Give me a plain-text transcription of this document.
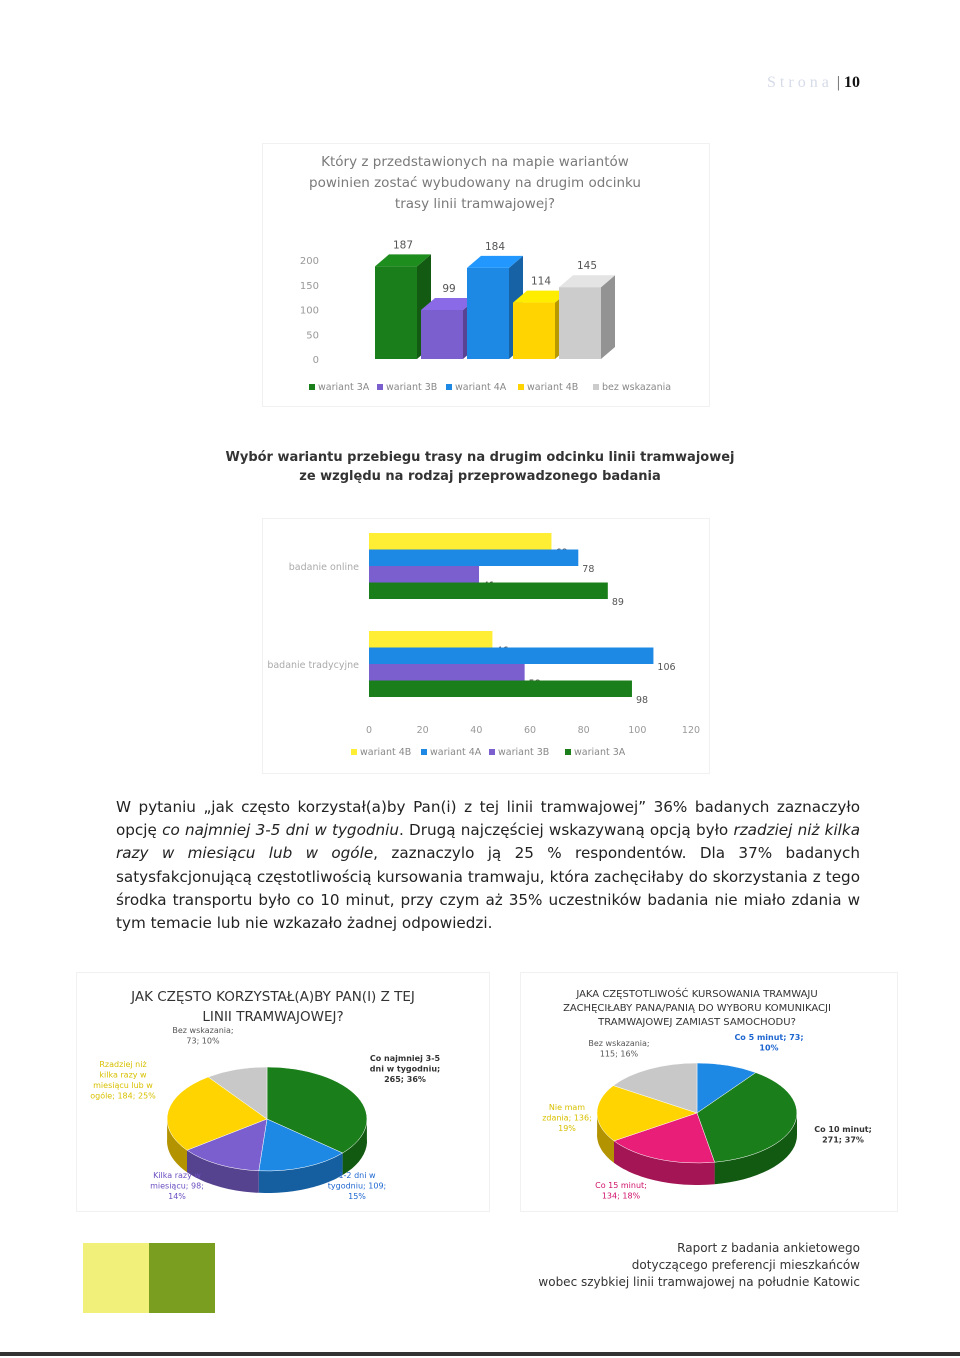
Strona | 10
Który z przedstawionych na mapie wariantów
powinien zostać wybudowany na drugim odcinku
trasy linii tramwajowej?
0
50
100
150
200
187
99
184
114
145
wariant 3A wariant 3B wariant 4A wariant 4B bez wskazania
Wybór wariantu przebiegu trasy na drugim odcinku linii tramwajowej
ze względu na rodzaj przeprowadzonego badania
badanie online
badanie tradycyjne
78
89
106
98
0	20	40	60	80	100	120
wariant 4B wariant 4A wariant 3B	wariant 3A
W pytaniu „jak często korzystał(a)by Pan(i) z tej linii tramwajowej” 36% badanych zaznaczyło opcję co najmniej 3-5 dni w tygodniu. Drugą najczęściej wskazywaną opcją było rzadziej niż kilka razy w miesiącu lub w ogóle, zaznaczylo ją 25 % respondentów. Dla 37% badanych satysfakcjonującą częstotliwością kursowania tramwaju, która zachęciłaby do skorzystania z tego środka transportu było co 10 minut, przy czym aż 35% uczestników badania nie miało zdania w tym temacie lub nie wzkazało żadnej odpowiedzi.
JAK CZĘSTO KORZYSTAŁ(A)BY PAN(I) Z TEJ
LINII TRAMWAJOWEJ?
Co najmniej 3-5
dni w tygodniu;
265; 36%
1-2 dni w
tygodniu; 109;
15%
Kilka razy w
miesiącu; 98;
14%
Rzadziej niż
kilka razy w
miesiącu lub w
ogóle; 184; 25%
Bez wskazania;
73; 10%
JAKA CZĘSTOTLIWOŚĆ KURSOWANIA TRAMWAJU
ZACHĘCIŁABY PANA/PANIĄ DO WYBORU KOMUNIKACJI
TRAMWAJOWEJ ZAMIAST SAMOCHODU?
Co 5 minut; 73;
10%
Co 10 minut;
271; 37%
Co 15 minut;
134; 18%
Nie mam
zdania; 136;
19%
Bez wskazania;
115; 16%
Raport z badania ankietowego
dotyczącego preferencji mieszkańców
wobec szybkiej linii tramwajowej na południe Katowic
